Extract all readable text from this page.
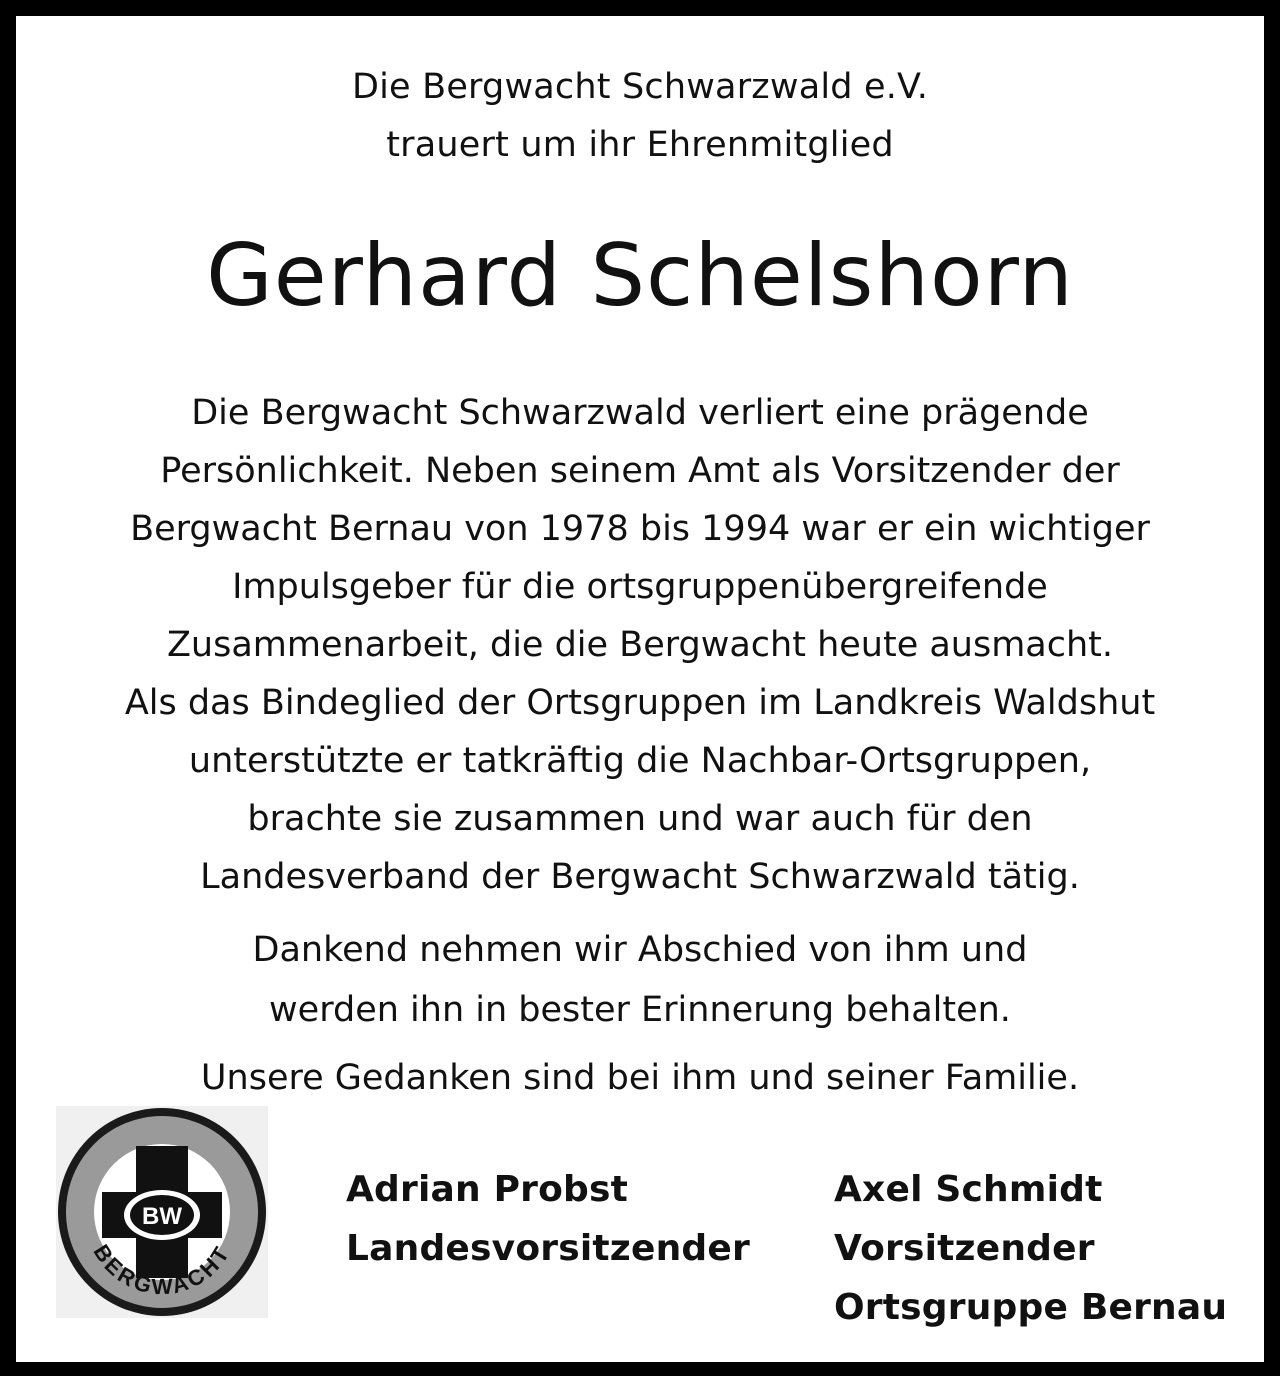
Die Bergwacht Schwarzwald e.V.
trauert um ihr Ehrenmitglied
Gerhard Schelshorn
Die Bergwacht Schwarzwald verliert eine prägende
Persönlichkeit. Neben seinem Amt als Vorsitzender der
Bergwacht Bernau von 1978 bis 1994 war er ein wichtiger
Impulsgeber für die ortsgruppenübergreifende
Zusammenarbeit, die die Bergwacht heute ausmacht.
Als das Bindeglied der Ortsgruppen im Landkreis Waldshut
unterstützte er tatkräftig die Nachbar-Ortsgruppen,
brachte sie zusammen und war auch für den
Landesverband der Bergwacht Schwarzwald tätig.
Dankend nehmen wir Abschied von ihm und
werden ihn in bester Erinnerung behalten.
Unsere Gedanken sind bei ihm und seiner Familie.
BW
BERGWACHT
Adrian Probst
Landesvorsitzender
Axel Schmidt
Vorsitzender
Ortsgruppe Bernau
